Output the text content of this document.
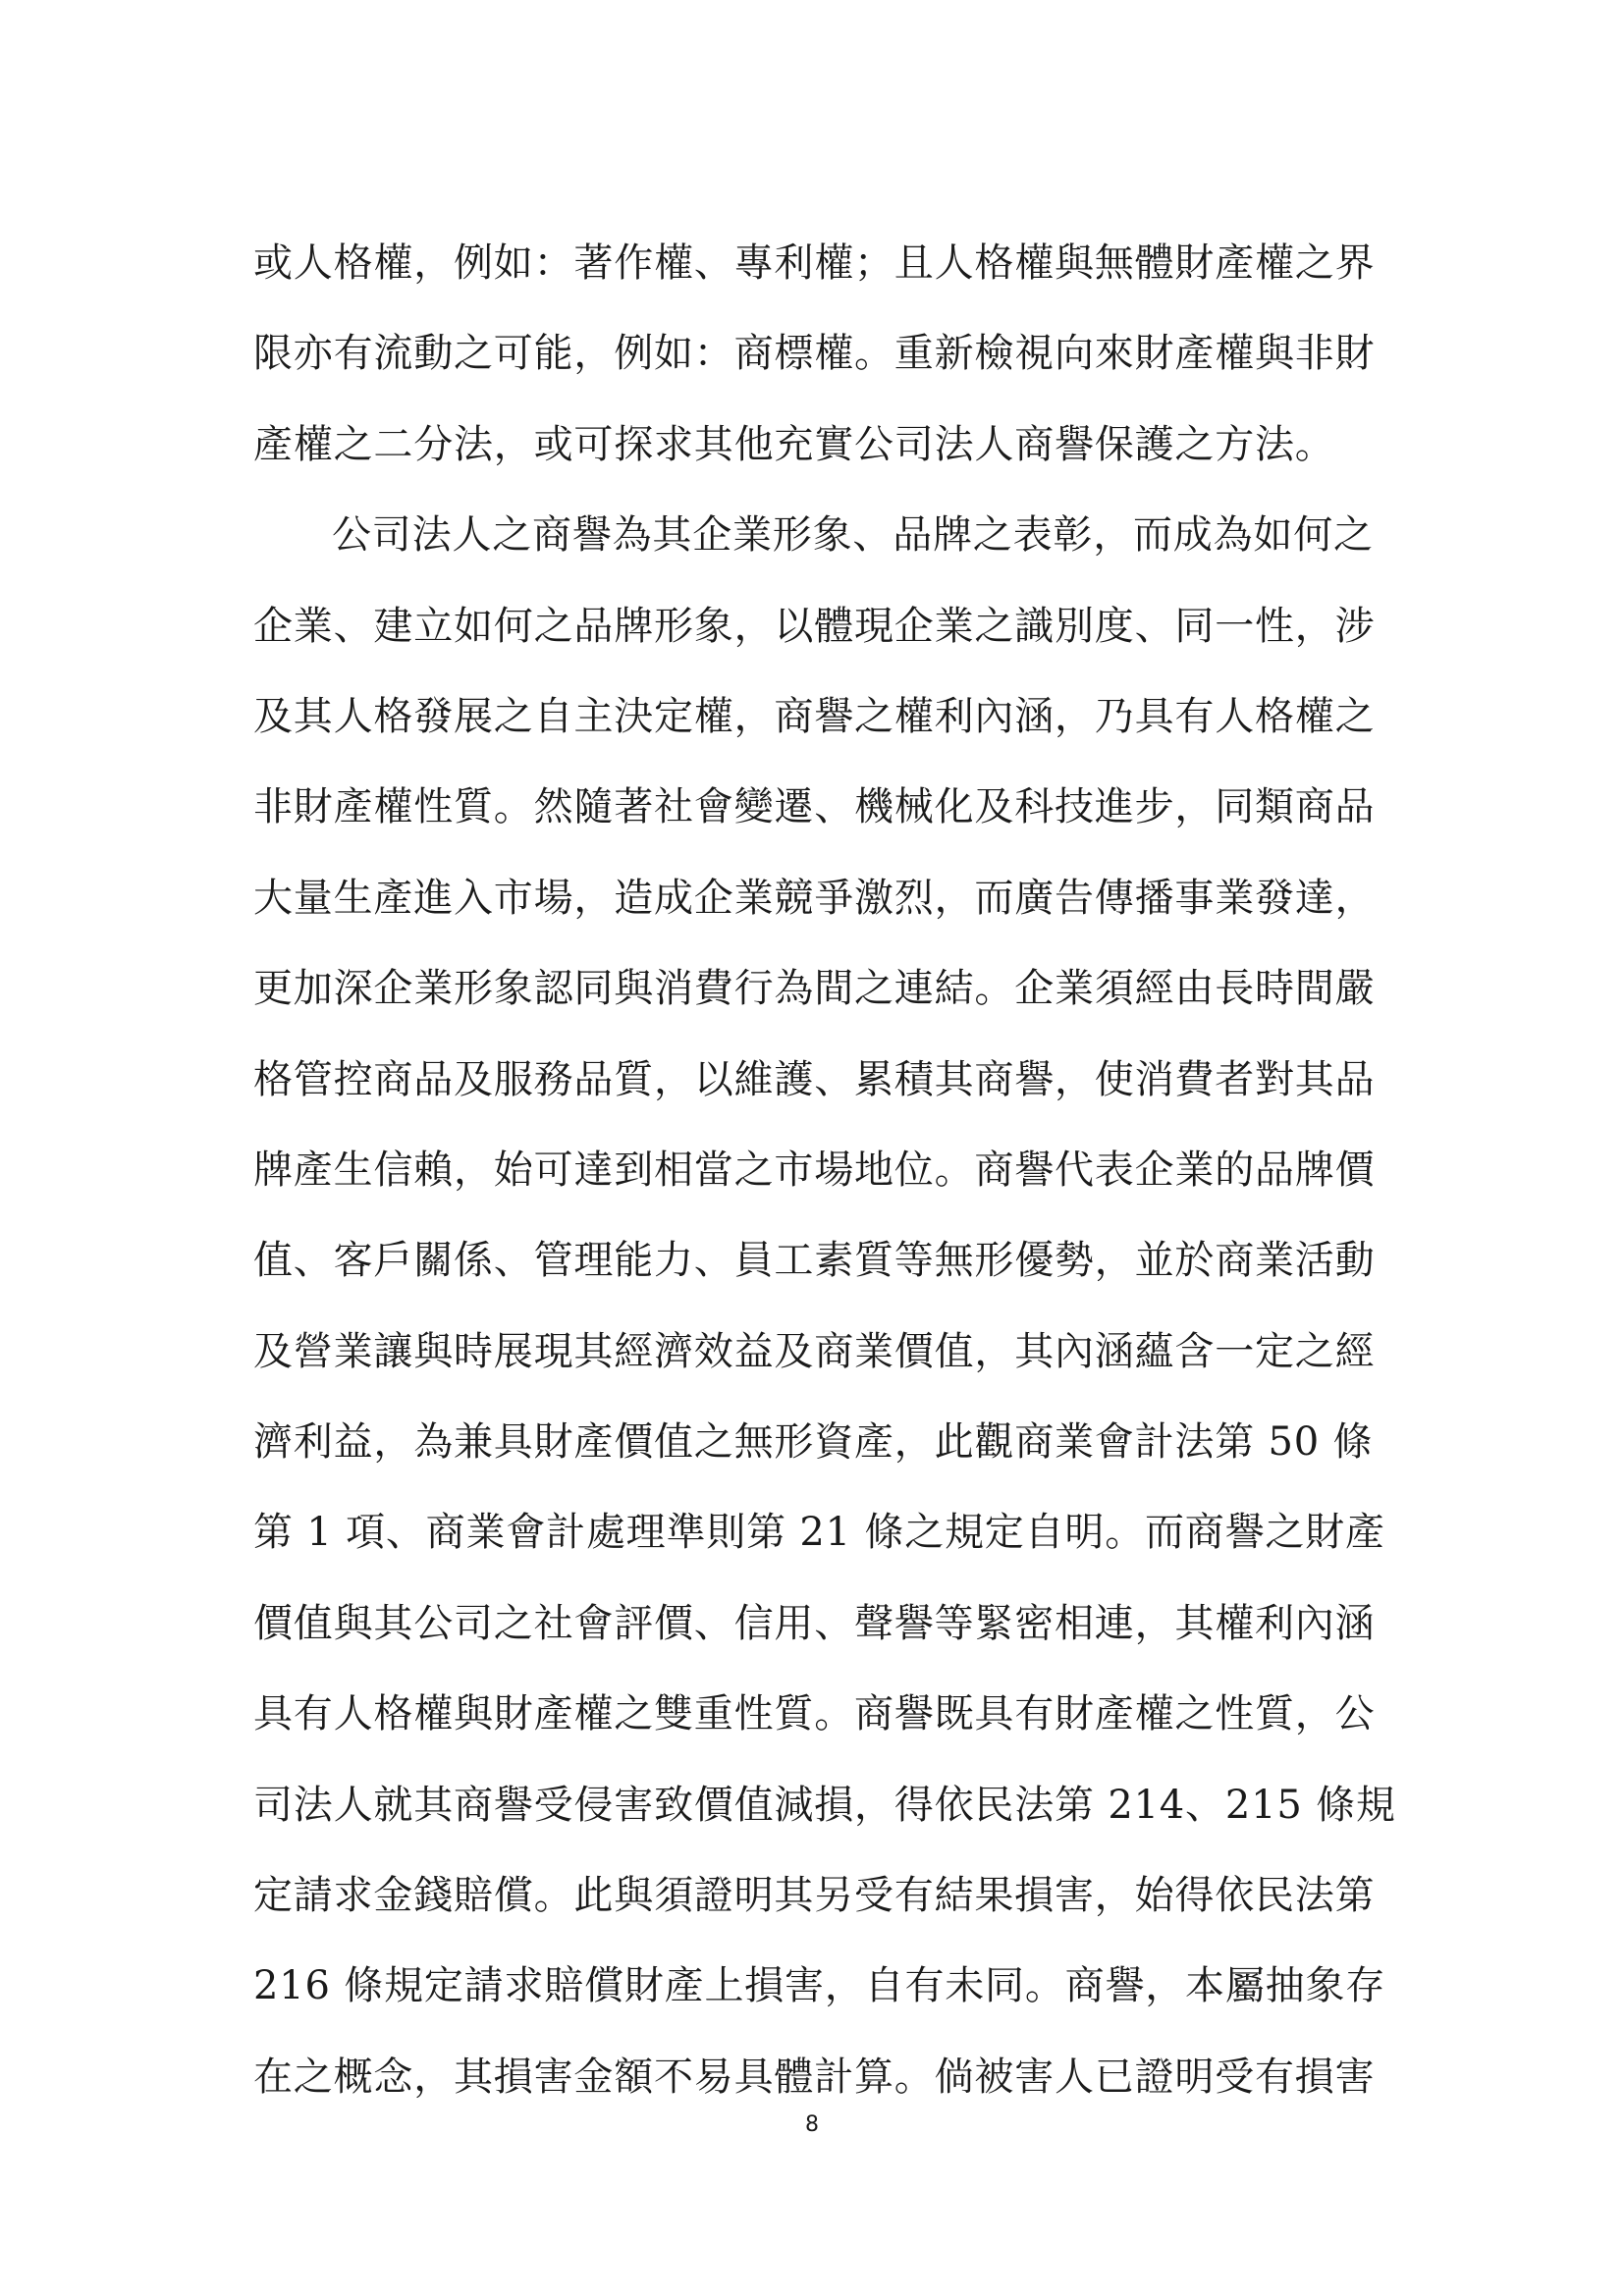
或人格權，例如：著作權、專利權；且人格權與無體財產權之界
限亦有流動之可能，例如：商標權。重新檢視向來財產權與非財
產權之二分法，或可探求其他充實公司法人商譽保護之方法。
公司法人之商譽為其企業形象、品牌之表彰，而成為如何之
企業、建立如何之品牌形象，以體現企業之識別度、同一性，涉
及其人格發展之自主決定權，商譽之權利內涵，乃具有人格權之
非財產權性質。然隨著社會變遷、機械化及科技進步，同類商品
大量生產進入市場，造成企業競爭激烈，而廣告傳播事業發達，
更加深企業形象認同與消費行為間之連結。企業須經由長時間嚴
格管控商品及服務品質，以維護、累積其商譽，使消費者對其品
牌產生信賴，始可達到相當之市場地位。商譽代表企業的品牌價
值、客戶關係、管理能力、員工素質等無形優勢，並於商業活動
及營業讓與時展現其經濟效益及商業價值，其內涵蘊含一定之經
濟利益，為兼具財產價值之無形資產，此觀商業會計法第 50 條
第 1 項、商業會計處理準則第 21 條之規定自明。而商譽之財產
價值與其公司之社會評價、信用、聲譽等緊密相連，其權利內涵
具有人格權與財產權之雙重性質。商譽既具有財產權之性質，公
司法人就其商譽受侵害致價值減損，得依民法第 214、215 條規
定請求金錢賠償。此與須證明其另受有結果損害，始得依民法第
216 條規定請求賠償財產上損害，自有未同。商譽，本屬抽象存
在之概念，其損害金額不易具體計算。倘被害人已證明受有損害
8
